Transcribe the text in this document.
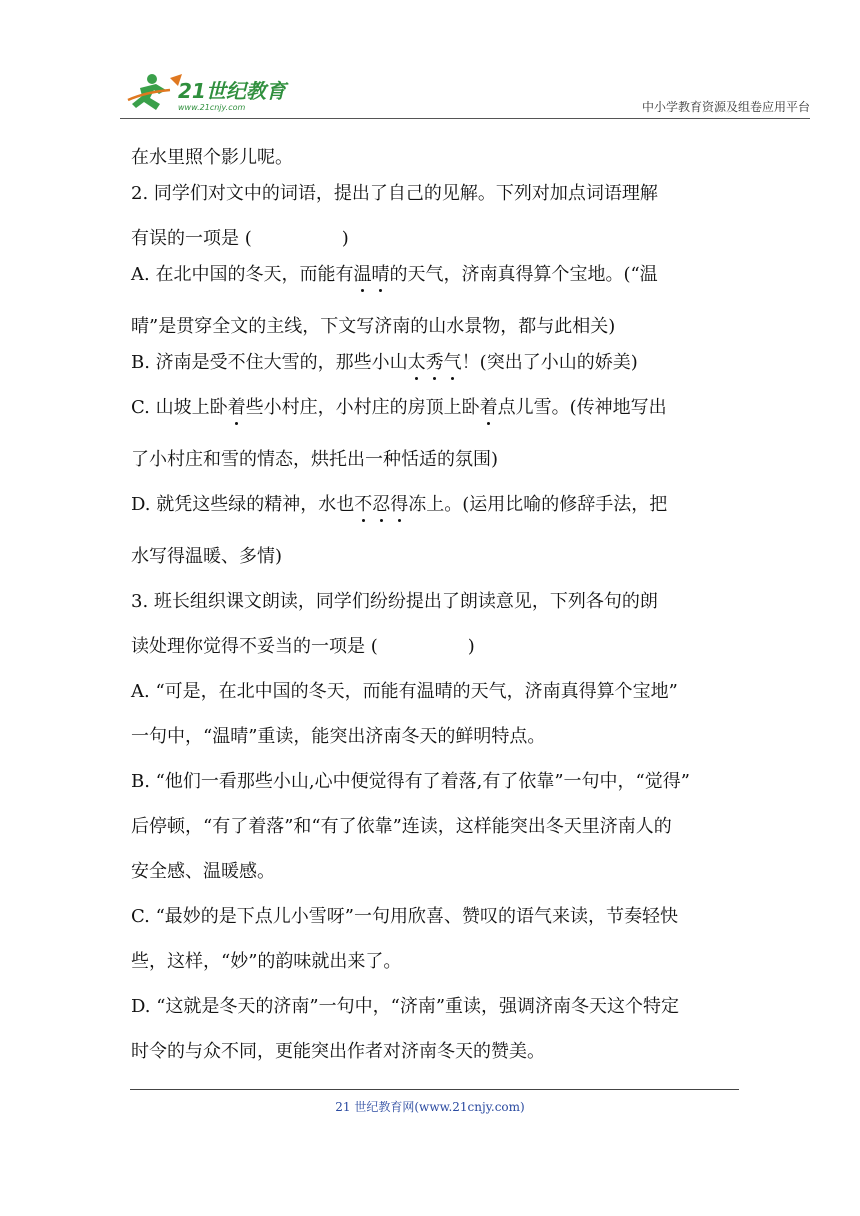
21世纪教育
www.21cnjy.com	中小学教育资源及组卷应用平台
在水里照个影儿呢。
2. 同学们对文中的词语，提出了自己的见解。下列对加点词语理解
有误的一项是 (　　　　　)
A. 在北中国的冬天，而能有温晴的天气，济南真得算个宝地。(“温
晴”是贯穿全文的主线，下文写济南的山水景物，都与此相关)
B. 济南是受不住大雪的，那些小山太秀气！(突出了小山的娇美)
C. 山坡上卧着些小村庄，小村庄的房顶上卧着点儿雪。(传神地写出
了小村庄和雪的情态，烘托出一种恬适的氛围)
D. 就凭这些绿的精神，水也不忍得冻上。(运用比喻的修辞手法，把
水写得温暖、多情)
3. 班长组织课文朗读，同学们纷纷提出了朗读意见，下列各句的朗
读处理你觉得不妥当的一项是 (　　　　　)
A. “可是，在北中国的冬天，而能有温晴的天气，济南真得算个宝地”
一句中，“温晴”重读，能突出济南冬天的鲜明特点。
B. “他们一看那些小山,心中便觉得有了着落,有了依靠”一句中，“觉得”
后停顿，“有了着落”和“有了依靠”连读，这样能突出冬天里济南人的
安全感、温暖感。
C. “最妙的是下点儿小雪呀”一句用欣喜、赞叹的语气来读，节奏轻快
些，这样，“妙”的韵味就出来了。
D. “这就是冬天的济南”一句中，“济南”重读，强调济南冬天这个特定
时令的与众不同，更能突出作者对济南冬天的赞美。
21 世纪教育网(www.21cnjy.com)
